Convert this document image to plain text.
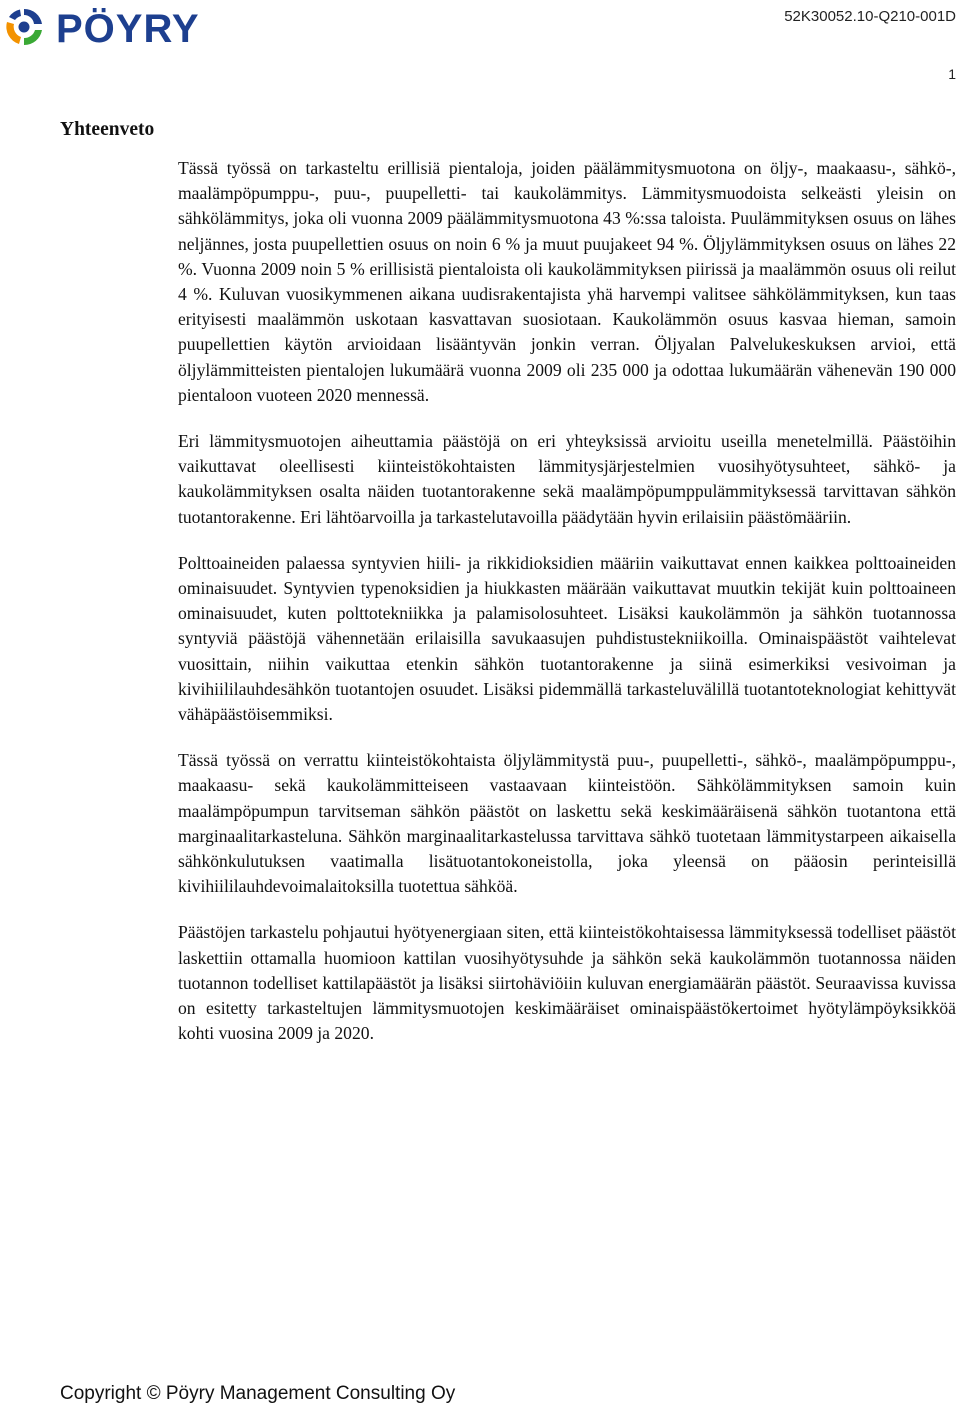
PÖYRY	52K30052.10-Q210-001D
1
Yhteenveto

Tässä työssä on tarkasteltu erillisiä pientaloja, joiden päälämmitysmuotona on öljy-, maakaasu-, sähkö-, maalämpöpumppu-, puu-, puupelletti- tai kaukolämmitys. Lämmitysmuodoista selkeästi yleisin on sähkölämmitys, joka oli vuonna 2009 päälämmitysmuotona 43 %:ssa taloista. Puulämmityksen osuus on lähes neljännes, josta puupellettien osuus on noin 6 % ja muut puujakeet 94 %. Öljylämmityksen osuus on lähes 22 %. Vuonna 2009 noin 5 % erillisistä pientaloista oli kaukolämmityksen piirissä ja maalämmön osuus oli reilut 4 %. Kuluvan vuosikymmenen aikana uudisrakentajista yhä harvempi valitsee sähkölämmityksen, kun taas erityisesti maalämmön uskotaan kasvattavan suosiotaan. Kaukolämmön osuus kasvaa hieman, samoin puupellettien käytön arvioidaan lisääntyvän jonkin verran. Öljyalan Palvelukeskuksen arvioi, että öljylämmitteisten pientalojen lukumäärä vuonna 2009 oli 235 000 ja odottaa lukumäärän vähenevän 190 000 pientaloon vuoteen 2020 mennessä.

Eri lämmitysmuotojen aiheuttamia päästöjä on eri yhteyksissä arvioitu useilla menetelmillä. Päästöihin vaikuttavat oleellisesti kiinteistökohtaisten lämmitysjärjestelmien vuosihyötysuhteet, sähkö- ja kaukolämmityksen osalta näiden tuotantorakenne sekä maalämpöpumppulämmityksessä tarvittavan sähkön tuotantorakenne. Eri lähtöarvoilla ja tarkastelutavoilla päädytään hyvin erilaisiin päästömääriin.

Polttoaineiden palaessa syntyvien hiili- ja rikkidioksidien määriin vaikuttavat ennen kaikkea polttoaineiden ominaisuudet. Syntyvien typenoksidien ja hiukkasten määrään vaikuttavat muutkin tekijät kuin polttoaineen ominaisuudet, kuten polttotekniikka ja palamisolosuhteet. Lisäksi kaukolämmön ja sähkön tuotannossa syntyviä päästöjä vähennetään erilaisilla savukaasujen puhdistustekniikoilla. Ominaispäästöt vaihtelevat vuosittain, niihin vaikuttaa etenkin sähkön tuotantorakenne ja siinä esimerkiksi vesivoiman ja kivihiililauhdesähkön tuotantojen osuudet. Lisäksi pidemmällä tarkasteluvälillä tuotantoteknologiat kehittyvät vähäpäästöisemmiksi.

Tässä työssä on verrattu kiinteistökohtaista öljylämmitystä puu-, puupelletti-, sähkö-, maalämpöpumppu-, maakaasu- sekä kaukolämmitteiseen vastaavaan kiinteistöön. Sähkölämmityksen samoin kuin maalämpöpumpun tarvitseman sähkön päästöt on laskettu sekä keskimääräisenä sähkön tuotantona että marginaalitarkasteluna. Sähkön marginaalitarkastelussa tarvittava sähkö tuotetaan lämmitystarpeen aikaisella sähkönkulutuksen vaatimalla lisätuotantokoneistolla, joka yleensä on pääosin perinteisillä kivihiililauhdevoimalaitoksilla tuotettua sähköä.

Päästöjen tarkastelu pohjautui hyötyenergiaan siten, että kiinteistökohtaisessa lämmityksessä todelliset päästöt laskettiin ottamalla huomioon kattilan vuosihyötysuhde ja sähkön sekä kaukolämmön tuotannossa näiden tuotannon todelliset kattilapäästöt ja lisäksi siirtohäviöiin kuluvan energiamäärän päästöt. Seuraavissa kuvissa on esitetty tarkasteltujen lämmitysmuotojen keskimääräiset ominaispäästökertoimet hyötylämpöyksikköä kohti vuosina 2009 ja 2020.

Copyright © Pöyry Management Consulting Oy
